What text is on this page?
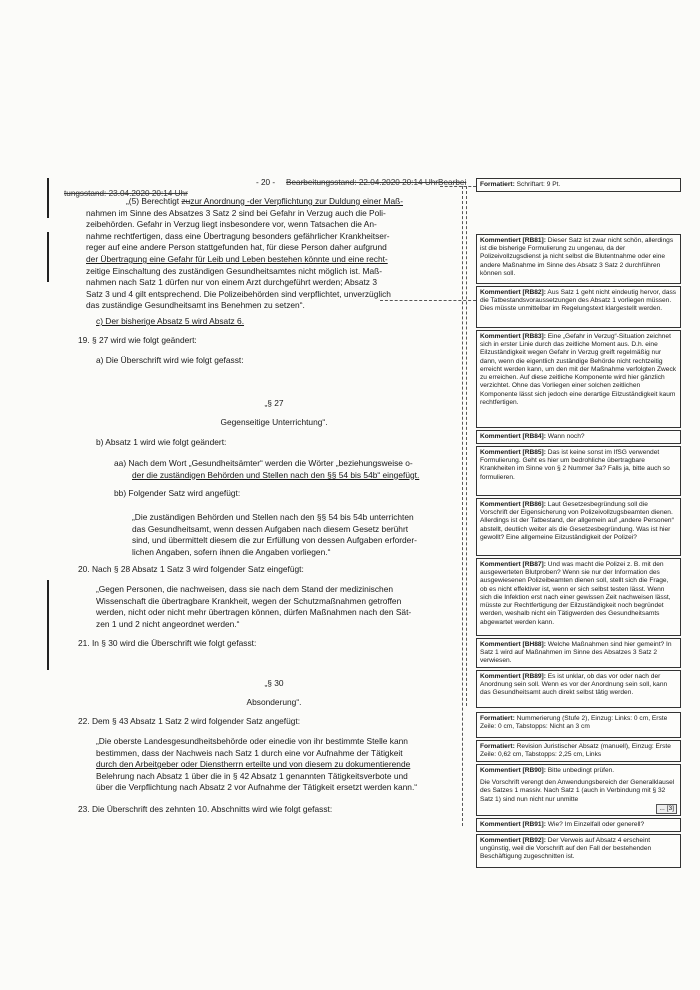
tungsstand: 23.04.2020 20:14 Uhr
- 20 - Bearbeitungsstand: 22.04.2020 20:14 UhrBearbei
„(5) Berechtigt zuzur Anordnung -der Verpflichtung zur Duldung einer Maß-
nahmen im Sinne des Absatzes 3 Satz 2 sind bei Gefahr in Verzug auch die Poli-
zeibehörden. Gefahr in Verzug liegt insbesondere vor, wenn Tatsachen die An-
nahme rechtfertigen, dass eine Übertragung besonders gefährlicher Krankheitser-
reger auf eine andere Person stattgefunden hat, für diese Person daher aufgrund
der Übertragung eine Gefahr für Leib und Leben bestehen könnte und eine recht-
zeitige Einschaltung des zuständigen Gesundheitsamtes nicht möglich ist. Maß-
nahmen nach Satz 1 dürfen nur von einem Arzt durchgeführt werden; Absatz 3
Satz 3 und 4 gilt entsprechend. Die Polizeibehörden sind verpflichtet, unverzüglich
das zuständige Gesundheitsamt ins Benehmen zu setzen“.
c) Der bisherige Absatz 5 wird Absatz 6.
19. § 27 wird wie folgt geändert:
a) Die Überschrift wird wie folgt gefasst:
„§ 27
Gegenseitige Unterrichtung“.
b) Absatz 1 wird wie folgt geändert:
aa) Nach dem Wort „Gesundheitsämter“ werden die Wörter „beziehungsweise o-
der die zuständigen Behörden und Stellen nach den §§ 54 bis 54b“ eingefügt.
bb) Folgender Satz wird angefügt:
„Die zuständigen Behörden und Stellen nach den §§ 54 bis 54b unterrichten
das Gesundheitsamt, wenn dessen Aufgaben nach diesem Gesetz berührt
sind, und übermittelt diesem die zur Erfüllung von dessen Aufgaben erforder-
lichen Angaben, sofern ihnen die Angaben vorliegen.“
20. Nach § 28 Absatz 1 Satz 3 wird folgender Satz eingefügt:
„Gegen Personen, die nachweisen, dass sie nach dem Stand der medizinischen
Wissenschaft die übertragbare Krankheit, wegen der Schutzmaßnahmen getroffen
werden, nicht oder nicht mehr übertragen können, dürfen Maßnahmen nach den Sät-
zen 1 und 2 nicht angeordnet werden.“
21. In § 30 wird die Überschrift wie folgt gefasst:
„§ 30
Absonderung“.
22. Dem § 43 Absatz 1 Satz 2 wird folgender Satz angefügt:
„Die oberste Landesgesundheitsbehörde oder einedie von ihr bestimmte Stelle kann
bestimmen, dass der Nachweis nach Satz 1 durch eine vor Aufnahme der Tätigkeit
durch den Arbeitgeber oder Dienstherrn erteilte und von diesem zu dokumentierende
Belehrung nach Absatz 1 über die in § 42 Absatz 1 genannten Tätigkeitsverbote und
über die Verpflichtung nach Absatz 2 vor Aufnahme der Tätigkeit ersetzt werden kann.“
23. Die Überschrift des zehnten 10. Abschnitts wird wie folgt gefasst:
Formatiert: Schriftart: 9 Pt.
Kommentiert [RB81]: Dieser Satz ist zwar nicht schön, allerdings ist die bisherige Formulierung zu ungenau, da der Polizeivollzugsdienst ja nicht selbst die Blutentnahme oder eine andere Maßnahme im Sinne des Absatz 3 Satz 2 durchführen können soll.
Kommentiert [RB82]: Aus Satz 1 geht nicht eindeutig hervor, dass die Tatbestandsvoraussetzungen des Absatz 1 vorliegen müssen. Dies müsste unmittelbar im Regelungstext klargestellt werden.
Kommentiert [RB83]: Eine „Gefahr in Verzug“-Situation zeichnet sich in erster Linie durch das zeitliche Moment aus. D.h. eine Eilzuständigkeit wegen Gefahr in Verzug greift regelmäßig nur dann, wenn die eigentlich zuständige Behörde nicht rechtzeitig erreicht werden kann, um den mit der Maßnahme verfolgten Zweck zu erreichen. Auf diese zeitliche Komponente wird hier gänzlich verzichtet. Ohne das Vorliegen einer solchen zeitlichen Komponente lässt sich jedoch eine derartige Eilzuständigkeit kaum rechtfertigen.
Kommentiert [RB84]: Wann noch?
Kommentiert [RB85]: Das ist keine sonst im IfSG verwendet Formulierung. Geht es hier um bedrohliche übertragbare Krankheiten im Sinne von § 2 Nummer 3a? Falls ja, bitte auch so formulieren.
Kommentiert [RB86]: Laut Gesetzesbegründung soll die Vorschrift der Eigensicherung von Polizeivollzugsbeamten dienen. Allerdings ist der Tatbestand, der allgemein auf „andere Personen“ abstellt, deutlich weiter als die Gesetzesbegründung. Was ist hier gewollt? Eine allgemeine Eilzuständigkeit der Polizei?
Kommentiert [RB87]: Und was macht die Polizei z. B. mit den ausgewerteten Blutproben? Wenn sie nur der Information des ausgewiesenen Polizeibeamten dienen soll, stellt sich die Frage, ob es nicht effektiver ist, wenn er sich selbst testen lässt. Wenn sich die Infektion erst nach einer gewissen Zeit nachweisen lässt, müsste zur Rechtfertigung der Eilzuständigkeit noch begründet werden, weshalb nicht ein Tätigwerden des Gesundheitsamts abgewartet werden kann.
Kommentiert [BH88]: Welche Maßnahmen sind hier gemeint? In Satz 1 wird auf Maßnahmen im Sinne des Absatzes 3 Satz 2 verwiesen.
Kommentiert [RB89]: Es ist unklar, ob das vor oder nach der Anordnung sein soll. Wenn es vor der Anordnung sein soll, kann das Gesundheitsamt auch direkt selbst tätig werden.
Formatiert: Nummerierung (Stufe 2), Einzug: Links: 0 cm, Erste Zeile: 0 cm, Tabstopps: Nicht an 3 cm
Formatiert: Revision Juristischer Absatz (manuell), Einzug: Erste Zeile: 0,62 cm, Tabstopps: 2,25 cm, Links
Kommentiert [RB90]: Bitte unbedingt prüfen.
Die Vorschrift verengt den Anwendungsbereich der Generalklausel des Satzes 1 massiv. Nach Satz 1 (auch in Verbindung mit § 32 Satz 1) sind nun nicht nur unmitte
... [3]
Kommentiert [RB91]: Wie? Im Einzelfall oder generell?
Kommentiert [RB92]: Der Verweis auf Absatz 4 erscheint ungünstig, weil die Vorschrift auf den Fall der bestehenden Beschäftigung zugeschnitten ist.
